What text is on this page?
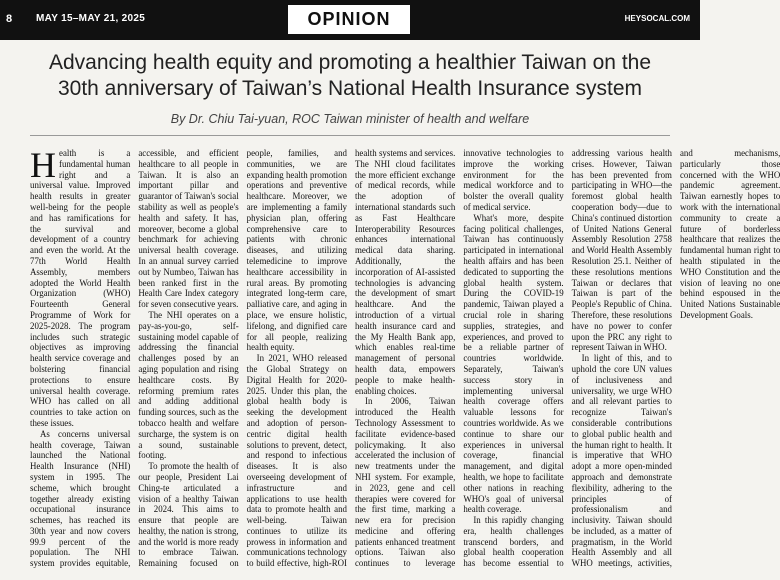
8 MAY 15–MAY 21, 2025	OPINION	HEYSOCAL.COM
Advancing health equity and promoting a healthier Taiwan on the 30th anniversary of Taiwan’s National Health Insurance system
By Dr. Chiu Tai-yuan, ROC Taiwan minister of health and welfare

Health is a fundamental human right and a universal value. Improved health results in greater well-being for the people and has ramifications for the survival and development of a country and even the world. At the 77th World Health Assembly, members adopted the World Health Organization (WHO) Fourteenth General Programme of Work for 2025-2028. The program includes such strategic objectives as improving health service coverage and bolstering financial protections to ensure universal health coverage. WHO has called on all countries to take action on these issues.

As concerns universal health coverage, Taiwan launched the National Health Insurance (NHI) system in 1995. The scheme, which brought together already existing occupational insurance schemes, has reached its 30th year and now covers 99.9 percent of the population. The NHI system provides equitable, accessible, and efficient healthcare to all people in Taiwan. It is also an important pillar and guarantor of Taiwan's social stability as well as people's health and safety. It has, moreover, become a global benchmark for achieving universal health coverage. In an annual survey carried out by Numbeo, Taiwan has been ranked first in the Health Care Index category for seven consecutive years.

The NHI operates on a pay-as-you-go, self-sustaining model capable of addressing the financial challenges posed by an aging population and rising healthcare costs. By reforming premium rates and adding additional funding sources, such as the tobacco health and welfare surcharge, the system is on a sound, sustainable footing.

To promote the health of our people, President Lai Ching-te articulated a vision of a healthy Taiwan in 2024. This aims to ensure that people are healthy, the nation is strong, and the world is more ready to embrace Taiwan. Remaining focused on people, families, and communities, we are expanding health promotion operations and preventive healthcare. Moreover, we are implementing a family physician plan, offering comprehensive care to patients with chronic diseases, and utilizing telemedicine to improve healthcare accessibility in rural areas. By promoting integrated long-term care, palliative care, and aging in place, we ensure holistic, lifelong, and dignified care for all people, realizing health equity.

In 2021, WHO released the Global Strategy on Digital Health for 2020-2025. Under this plan, the global health body is seeking the development and adoption of person-centric digital health solutions to prevent, detect, and respond to infectious diseases. It is also overseeing development of infrastructure and applications to use health data to promote health and well-being. Taiwan continues to utilize its prowess in information and communications technology to build effective, high-ROI health systems and services. The NHI cloud facilitates the more efficient exchange of medical records, while the adoption of international standards such as Fast Healthcare Interoperability Resources enhances international medical data sharing. Additionally, the incorporation of AI-assisted technologies is advancing the development of smart healthcare. And the introduction of a virtual health insurance card and the My Health Bank app, which enables real-time management of personal health data, empowers people to make health-enabling choices.

In 2006, Taiwan introduced the Health Technology Assessment to facilitate evidence-based policymaking. It also accelerated the inclusion of new treatments under the NHI system. For example, in 2023, gene and cell therapies were covered for the first time, marking a new era for precision medicine and offering patients enhanced treatment options. Taiwan also continues to leverage innovative technologies to improve the working environment for the medical workforce and to bolster the overall quality of medical service.

What's more, despite facing political challenges, Taiwan has continuously participated in international health affairs and has been dedicated to supporting the global health system. During the COVID-19 pandemic, Taiwan played a crucial role in sharing supplies, strategies, and experiences, and proved to be a reliable partner of countries worldwide. Separately, Taiwan's success story in implementing universal health coverage offers valuable lessons for countries worldwide. As we continue to share our experiences in universal coverage, financial management, and digital health, we hope to facilitate other nations in reaching WHO's goal of universal health coverage.

In this rapidly changing era, health challenges transcend borders, and global health cooperation has become essential to addressing various health crises. However, Taiwan has been prevented from participating in WHO—the foremost global health cooperation body—due to China's continued distortion of United Nations General Assembly Resolution 2758 and World Health Assembly Resolution 25.1. Neither of these resolutions mentions Taiwan or declares that Taiwan is part of the People's Republic of China. Therefore, these resolutions have no power to confer upon the PRC any right to represent Taiwan in WHO.

In light of this, and to uphold the core UN values of inclusiveness and universality, we urge WHO and all relevant parties to recognize Taiwan's considerable contributions to global public health and the human right to health. It is imperative that WHO adopt a more open-minded approach and demonstrate flexibility, adhering to the principles of professionalism and inclusivity. Taiwan should be included, as a matter of pragmatism, in the World Health Assembly and all WHO meetings, activities, and mechanisms, particularly those concerned with the WHO pandemic agreement. Taiwan earnestly hopes to work with the international community to create a future of borderless healthcare that realizes the fundamental human right to health stipulated in the WHO Constitution and the vision of leaving no one behind espoused in the United Nations Sustainable Development Goals.
